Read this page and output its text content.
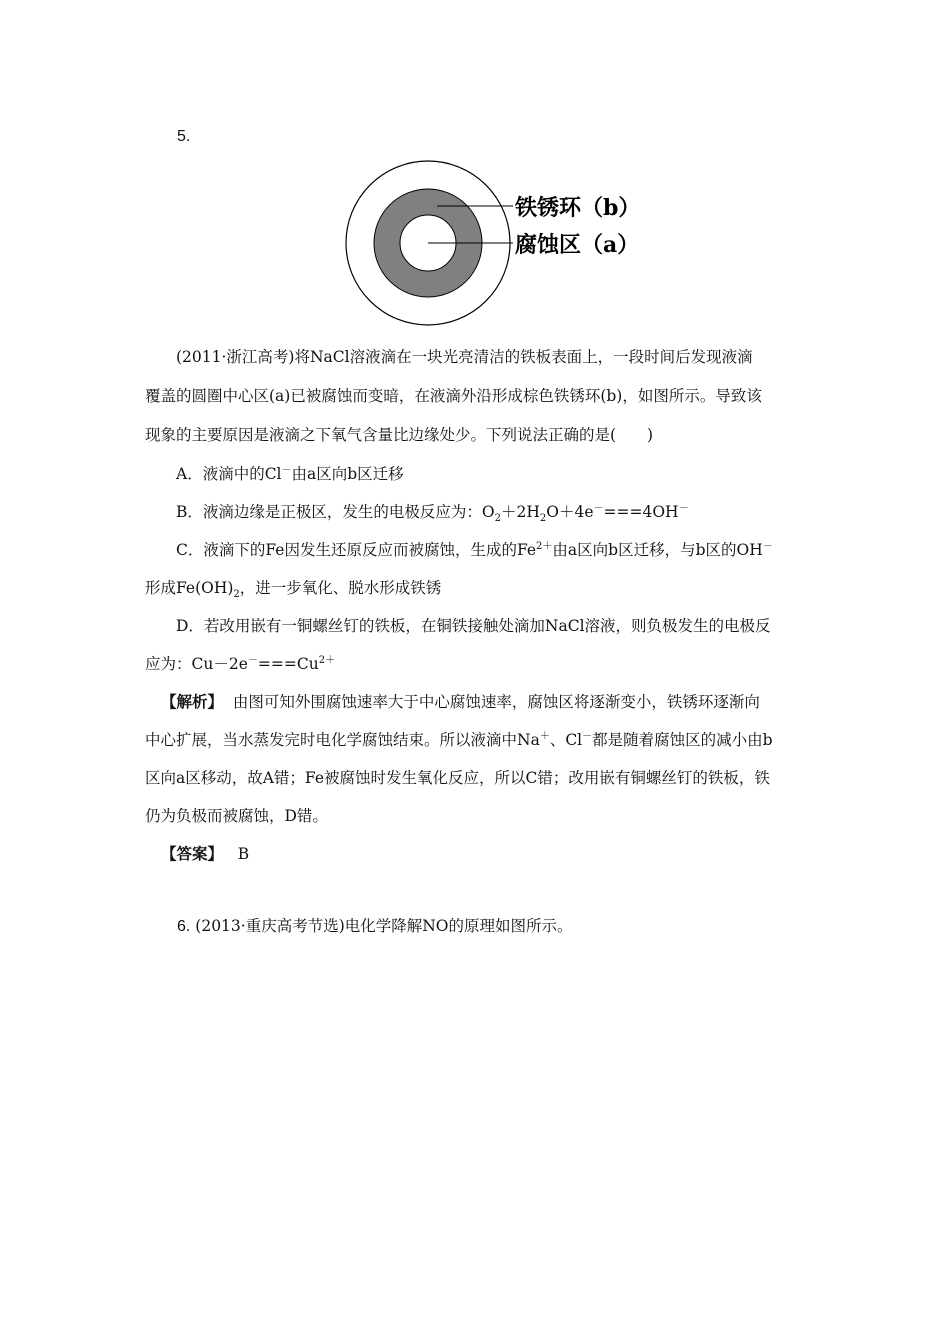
5.
铁锈环（b）
腐蚀区（a）
(2011·浙江高考)将NaCl溶液滴在一块光亮清洁的铁板表面上，一段时间后发现液滴
覆盖的圆圈中心区(a)已被腐蚀而变暗，在液滴外沿形成棕色铁锈环(b)，如图所示。导致该
现象的主要原因是液滴之下氧气含量比边缘处少。下列说法正确的是(　　)
A．液滴中的Cl－由a区向b区迁移
B．液滴边缘是正极区，发生的电极反应为：$O_2+2H_2O+4e^-===4OH^-$
C．液滴下的Fe因发生还原反应而被腐蚀，生成的$Fe^{2+}$由a区向b区迁移，与b区的OH－
形成$Fe(OH)_2$，进一步氧化、脱水形成铁锈
D．若改用嵌有一铜螺丝钉的铁板，在铜铁接触处滴加NaCl溶液，则负极发生的电极反
应为：$Cu-2e^-===Cu^{2+}$
【解析】 由图可知外围腐蚀速率大于中心腐蚀速率，腐蚀区将逐渐变小，铁锈环逐渐向
中心扩展，当水蒸发完时电化学腐蚀结束。所以液滴中Na＋、Cl－都是随着腐蚀区的减小由b
区向a区移动，故A错；Fe被腐蚀时发生氧化反应，所以C错；改用嵌有铜螺丝钉的铁板，铁
仍为负极而被腐蚀，D错。
【答案】 B
6. (2013·重庆高考节选)电化学降解NO的原理如图所示。
